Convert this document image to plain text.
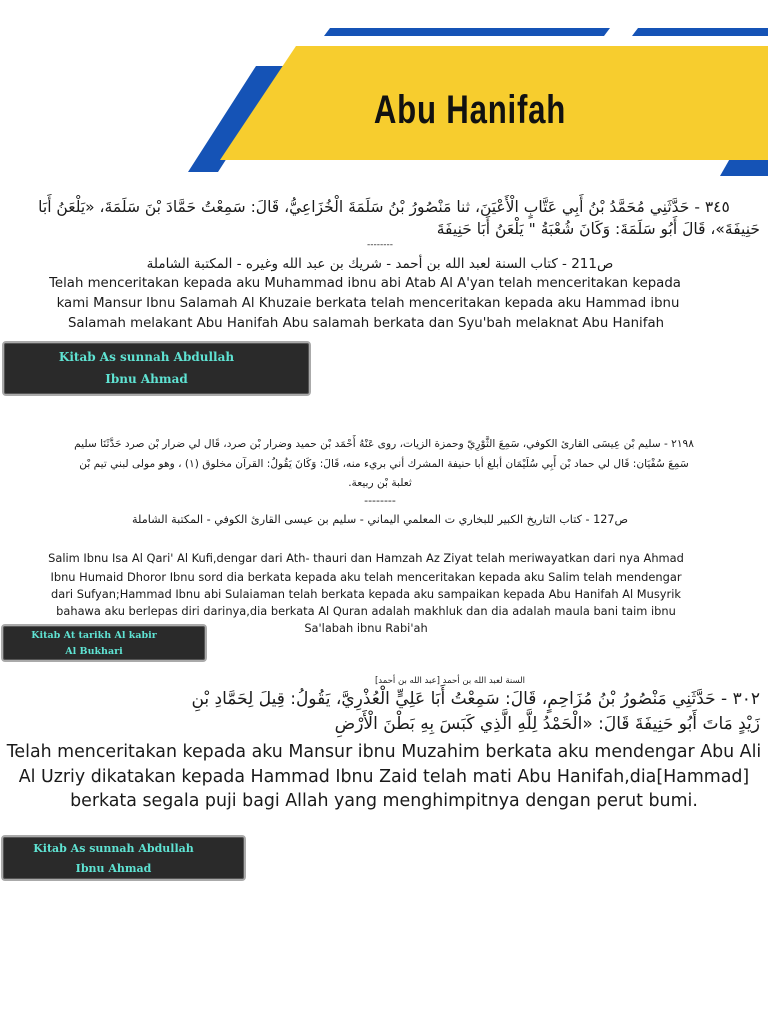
Abu Hanifah
٣٤٥ - حَدَّثَنِي مُحَمَّدُ بْنُ أَبِي عَتَّابٍ الْأَعْيَنَ، ثنا مَنْصُورُ بْنُ سَلَمَةَ الْخُزَاعِيُّ، قَالَ: سَمِعْتُ حَمَّادَ بْنَ سَلَمَةَ، «يَلْعَنُ أَبَا
حَنِيفَةَ»، قَالَ أَبُو سَلَمَةَ: وَكَانَ شُعْبَةُ " يَلْعَنُ أَبَا حَنِيفَةَ
--------
ص211 - كتاب السنة لعبد الله بن أحمد - شريك بن عبد الله وغيره - المكتبة الشاملة
Telah menceritakan kepada aku Muhammad ibnu abi Atab Al A'yan telah menceritakan kepada
kami Mansur Ibnu Salamah Al Khuzaie berkata telah menceritakan kepada aku Hammad ibnu
Salamah melakant Abu Hanifah Abu salamah berkata dan Syu'bah melaknat Abu Hanifah
Kitab As sunnah Abdullah
Ibnu Ahmad
٢١٩٨ - سليم بْن عِيسَى القارئ الكوفي، سَمِعَ الثَّوْرِيّ وحمزة الزيات، روى عَنْهُ أَحْمَد بْن حميد وضرار بْن صرد، قَال لي ضرار بْن صرد حَدَّثَنَا سليم
سَمِعَ سُفْيَان: قَال لي حماد بْن أَبِي سُلَيْمَان أبلغ أبا حنيفة المشرك أني بريء منه، قَالَ: وَكَانَ يَقُولُ: القرآن مخلوق (١) ، وهو مولى لبني تيم بْن
ثعلبة بْن ربيعة.
--------
ص127 - كتاب التاريخ الكبير للبخاري ت المعلمي اليماني - سليم بن عيسى القارئ الكوفي - المكتبة الشاملة
Salim Ibnu Isa Al Qari' Al Kufi,dengar dari Ath- thauri dan Hamzah Az Ziyat telah meriwayatkan dari nya Ahmad
Ibnu Humaid Dhoror Ibnu sord dia berkata kepada aku telah menceritakan kepada aku Salim telah mendengar
dari Sufyan;Hammad Ibnu abi Sulaiaman telah berkata kepada aku sampaikan kepada Abu Hanifah Al Musyrik
bahawa aku berlepas diri darinya,dia berkata Al Quran adalah makhluk dan dia adalah maula bani taim ibnu
Sa'labah ibnu Rabi'ah
Kitab At tarikh Al kabir
Al Bukhari
السنة لعبد الله بن أحمد [عبد الله بن أحمد]
٣٠٢ - حَدَّثَنِي مَنْصُورُ بْنُ مُزَاحِمٍ، قَالَ: سَمِعْتُ أَبَا عَلِيٍّ الْعُذْرِيَّ، يَقُولُ: قِيلَ لِحَمَّادِ بْنِ
زَيْدٍ مَاتَ أَبُو حَنِيفَةَ قَالَ: «الْحَمْدُ لِلَّهِ الَّذِي كَبَسَ بِهِ بَطْنَ الْأَرْضِ
Telah menceritakan kepada aku Mansur ibnu Muzahim berkata aku mendengar Abu Ali
Al Uzriy dikatakan kepada Hammad Ibnu Zaid telah mati Abu Hanifah,dia[Hammad]
berkata segala puji bagi Allah yang menghimpitnya dengan perut bumi.
Kitab As sunnah Abdullah
Ibnu Ahmad
